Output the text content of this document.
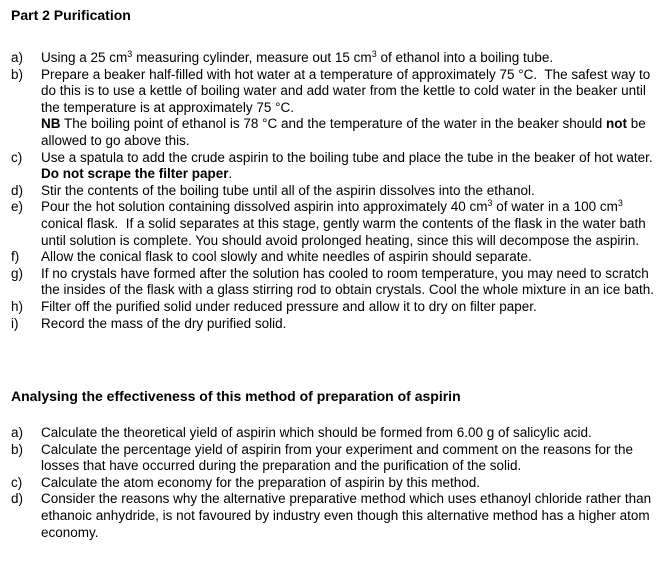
Part 2 Purification
a) Using a 25 $cm^3$ measuring cylinder, measure out 15 $cm^3$ of ethanol into a boiling tube.

b) Prepare a beaker half-filled with hot water at a temperature of approximately 75 °C.  The safest way to do this is to use a kettle of boiling water and add water from the kettle to cold water in the beaker until the temperature is at approximately 75 °C.
NB The boiling point of ethanol is 78 °C and the temperature of the water in the beaker should not be allowed to go above this.

c) Use a spatula to add the crude aspirin to the boiling tube and place the tube in the beaker of hot water. Do not scrape the filter paper.

d) Stir the contents of the boiling tube until all of the aspirin dissolves into the ethanol.

e) Pour the hot solution containing dissolved aspirin into approximately 40 $cm^3$ of water in a 100 $cm^3$ conical flask.  If a solid separates at this stage, gently warm the contents of the flask in the water bath until solution is complete. You should avoid prolonged heating, since this will decompose the aspirin.

f) Allow the conical flask to cool slowly and white needles of aspirin should separate.

g) If no crystals have formed after the solution has cooled to room temperature, you may need to scratch the insides of the flask with a glass stirring rod to obtain crystals. Cool the whole mixture in an ice bath.

h) Filter off the purified solid under reduced pressure and allow it to dry on filter paper.

i) Record the mass of the dry purified solid.

Analysing the effectiveness of this method of preparation of aspirin
a) Calculate the theoretical yield of aspirin which should be formed from 6.00 g of salicylic acid.

b) Calculate the percentage yield of aspirin from your experiment and comment on the reasons for the losses that have occurred during the preparation and the purification of the solid.

c) Calculate the atom economy for the preparation of aspirin by this method.

d) Consider the reasons why the alternative preparative method which uses ethanoyl chloride rather than ethanoic anhydride, is not favoured by industry even though this alternative method has a higher atom economy.
